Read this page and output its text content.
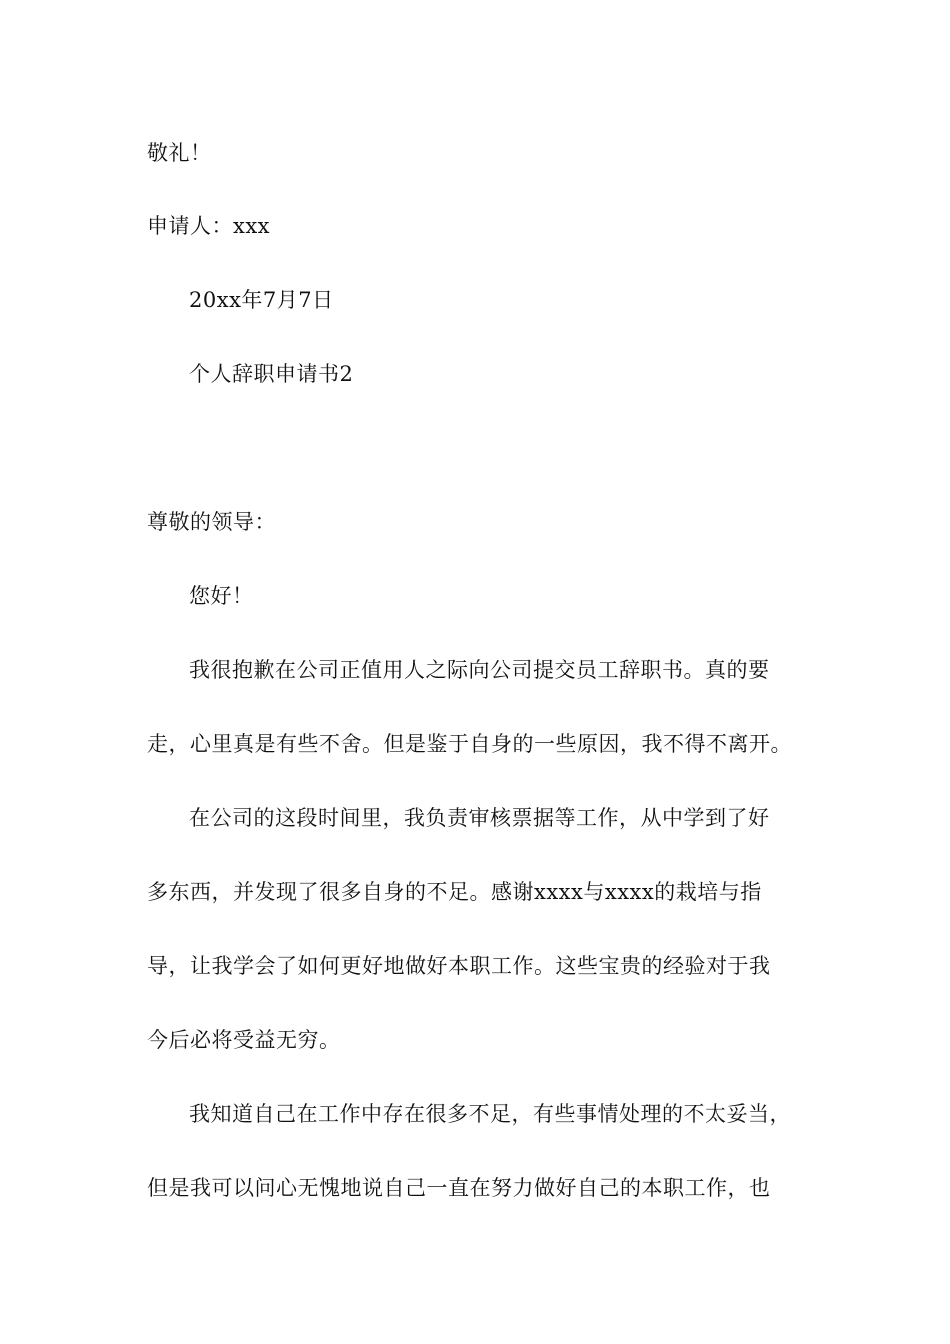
敬礼！
申请人：xxx
20xx年7月7日
个人辞职申请书2
尊敬的领导：
您好！
我很抱歉在公司正值用人之际向公司提交员工辞职书。真的要
走，心里真是有些不舍。但是鉴于自身的一些原因，我不得不离开。
在公司的这段时间里，我负责审核票据等工作，从中学到了好
多东西，并发现了很多自身的不足。感谢xxxx与xxxx的栽培与指
导，让我学会了如何更好地做好本职工作。这些宝贵的经验对于我
今后必将受益无穷。
我知道自己在工作中存在很多不足，有些事情处理的不太妥当，
但是我可以问心无愧地说自己一直在努力做好自己的本职工作，也
